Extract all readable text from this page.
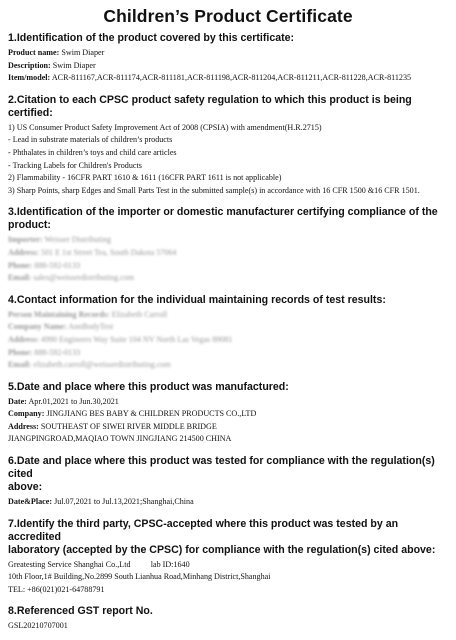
Children’s Product Certificate
1.Identification of the product covered by this certificate:
Product name: Swim Diaper
Description: Swim Diaper
Item/model: ACR-811167,ACR-811174,ACR-811181,ACR-811198,ACR-811204,ACR-811211,ACR-811228,ACR-811235
2.Citation to each CPSC product safety regulation to which this product is being certified:
1) US Consumer Product Safety Improvement Act of 2008 (CPSIA) with amendment(H.R.2715)
- Lead in substrate materials of children’s products
- Phthalates in children’s toys and child care articles
- Tracking Labels for Children's Products
2) Flammability - 16CFR PART 1610 & 1611 (16CFR PART 1611 is not applicable)
3) Sharp Points, sharp Edges and Small Parts Test in the submitted sample(s) in accordance with 16 CFR 1500 &16 CFR 1501.
3.Identification of the importer or domestic manufacturer certifying compliance of the product:
Importer: Weisser Distributing
Address: 501 E 1st Street Tea, South Dakota 57064
Phone: 888-592-0133
Email: sales@weisserdistributing.com
4.Contact information for the individual maintaining records of test results:
Person Maintaining Records: Elizabeth Carroll
Company Name: AnnBodyTest
Address: 4990 Engineers Way Suite 104 NV North Las Vegas 89081
Phone: 888-592-0133
Email: elizabeth.carroll@weisserdistributing.com
5.Date and place where this product was manufactured:
Date: Apr.01,2021 to Jun.30,2021
Company: JINGJIANG BES BABY & CHILDREN PRODUCTS CO.,LTD
Address: SOUTHEAST OF SIWEI RIVER MIDDLE BRIDGE
JIANGPINGROAD,MAQIAO TOWN JINGJIANG 214500 CHINA
6.Date and place where this product was tested for compliance with the regulation(s) cited
above:
Date&Place: Jul.07,2021 to Jul.13,2021;Shanghai,China
7.Identify the third party, CPSC-accepted where this product was tested by an accredited
laboratory (accepted by the CPSC) for compliance with the regulation(s) cited above:
Greatesting Service Shanghai Co.,Ltd          lab ID:1640
10th Floor,1# Building,No.2899 South Lianhua Road,Minhang District,Shanghai
TEL: +86(021)021-64788791
8.Referenced GST report No.
GSL20210707001
